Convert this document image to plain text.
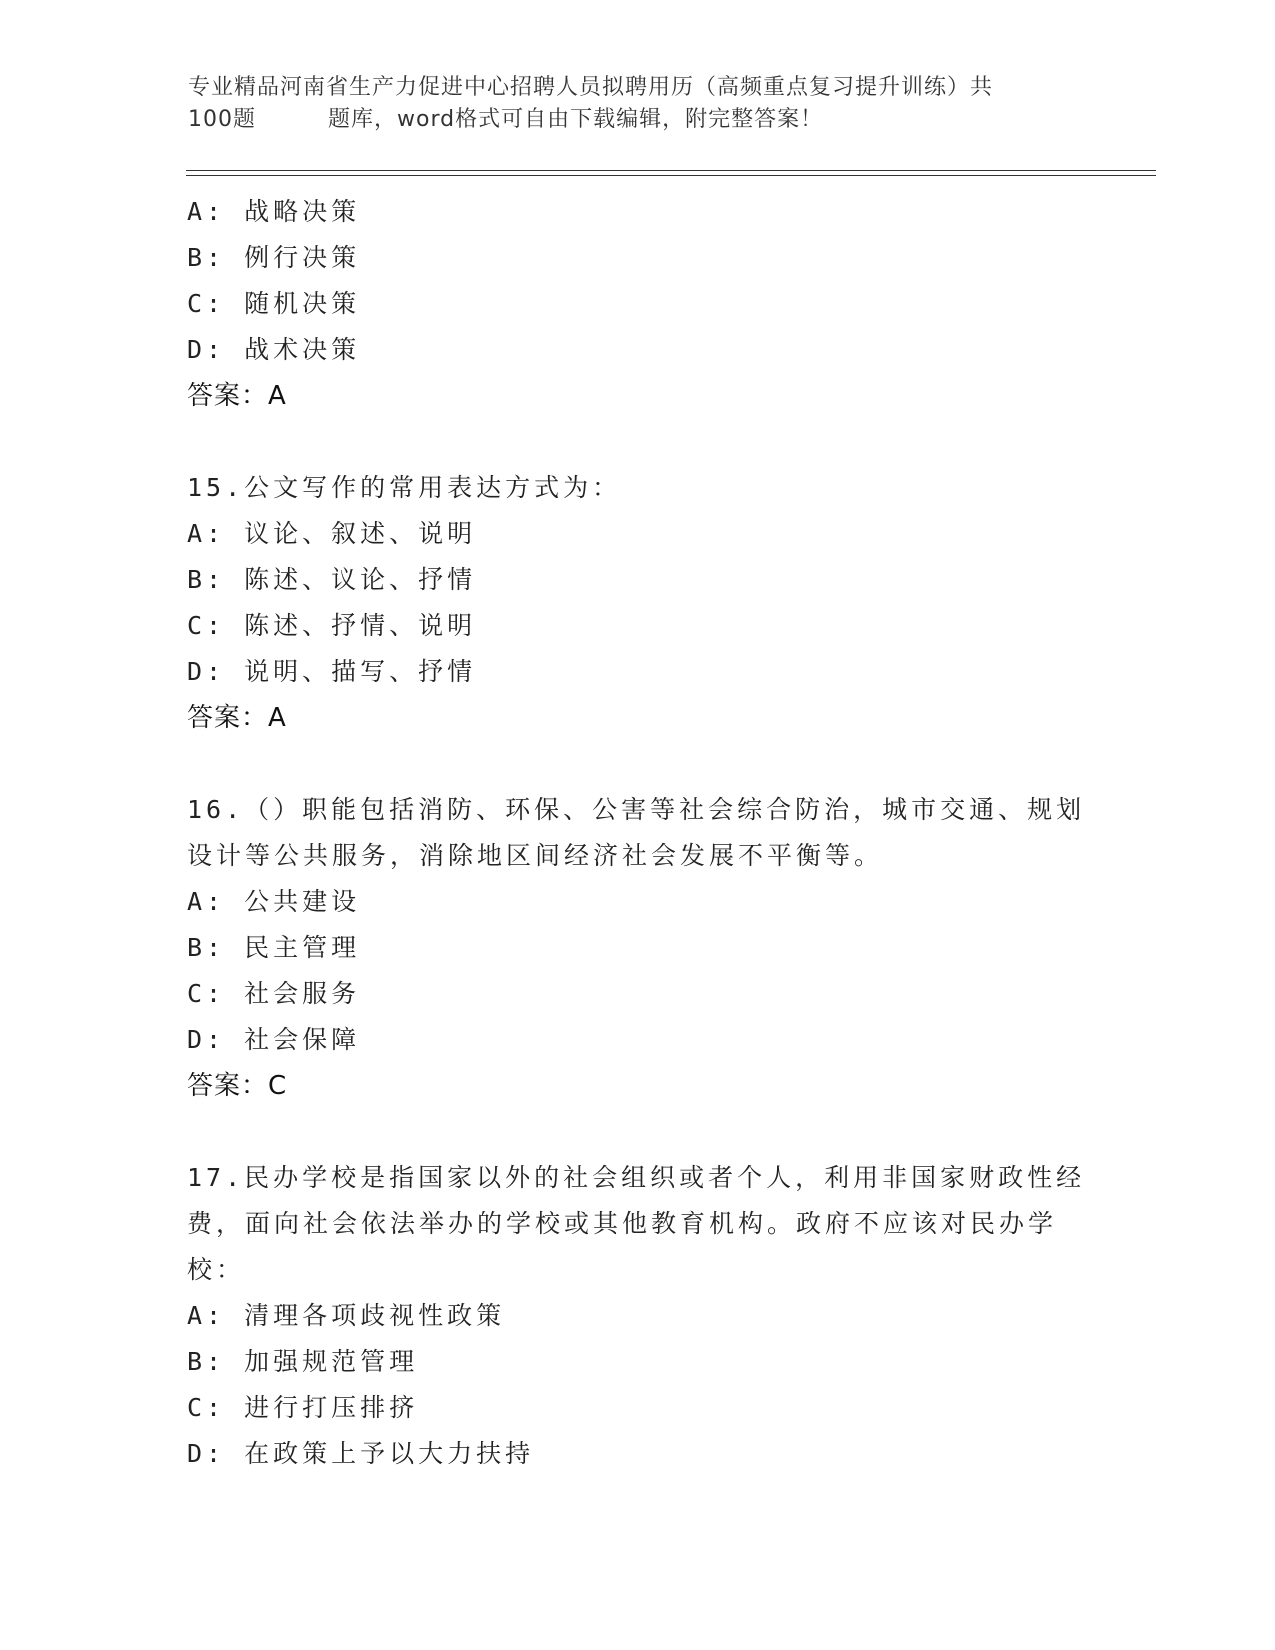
专业精品河南省生产力促进中心招聘人员拟聘用历（高频重点复习提升训练）共
100题	题库，word格式可自由下载编辑，附完整答案！
A: 战略决策
B: 例行决策
C: 随机决策
D: 战术决策
答案：A
15.公文写作的常用表达方式为：
A: 议论、叙述、说明
B: 陈述、议论、抒情
C: 陈述、抒情、说明
D: 说明、描写、抒情
答案：A
16.（）职能包括消防、环保、公害等社会综合防治，城市交通、规划设计等公共服务，消除地区间经济社会发展不平衡等。
A: 公共建设
B: 民主管理
C: 社会服务
D: 社会保障
答案：C
17.民办学校是指国家以外的社会组织或者个人，利用非国家财政性经费，面向社会依法举办的学校或其他教育机构。政府不应该对民办学校：
A: 清理各项歧视性政策
B: 加强规范管理
C: 进行打压排挤
D: 在政策上予以大力扶持
